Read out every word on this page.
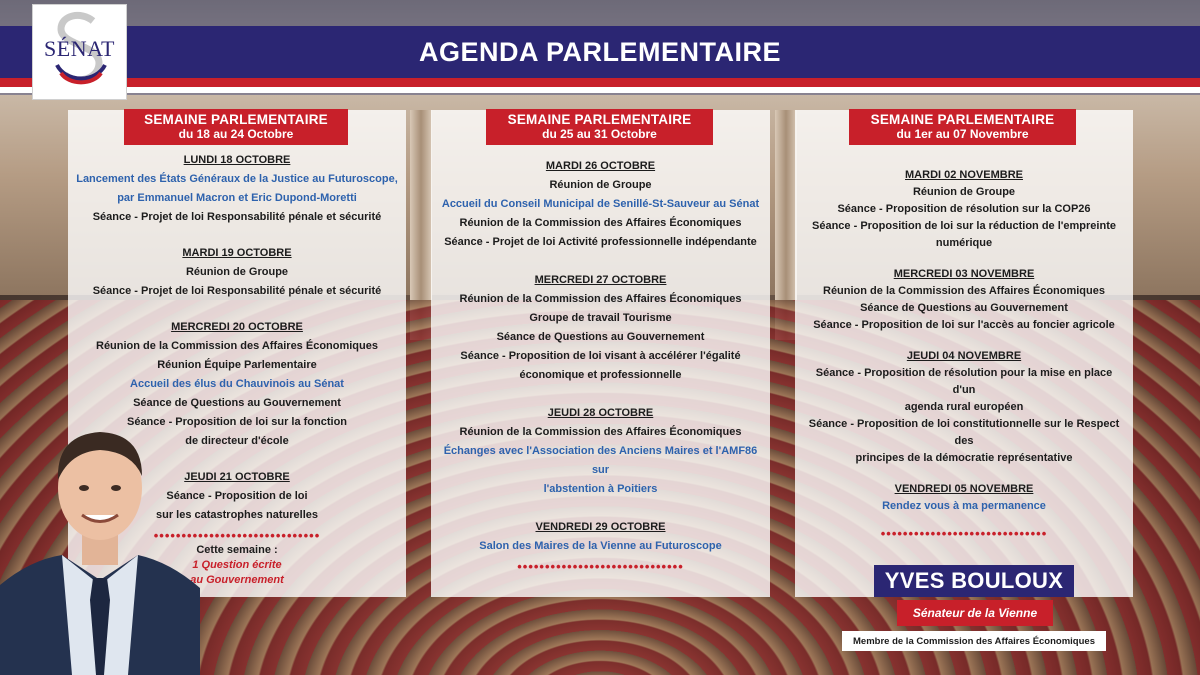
AGENDA PARLEMENTAIRE
SÉNAT
SEMAINE PARLEMENTAIRE
du 18 au 24 Octobre
LUNDI 18 OCTOBRE
Lancement des États Généraux de la Justice au Futuroscope,
par Emmanuel Macron et Eric Dupond-Moretti
Séance - Projet de loi Responsabilité pénale et sécurité
MARDI 19 OCTOBRE
Réunion de Groupe
Séance - Projet de loi Responsabilité pénale et sécurité
MERCREDI 20 OCTOBRE
Réunion de la Commission des Affaires Économiques
Réunion Équipe Parlementaire
Accueil des élus du Chauvinois au Sénat
Séance de Questions au Gouvernement
Séance - Proposition de loi sur la fonction
de directeur d'école
JEUDI 21 OCTOBRE
Séance - Proposition de loi
sur les catastrophes naturelles
••••••••••••••••••••••••••••••
Cette semaine :
1 Question écrite
au Gouvernement
SEMAINE PARLEMENTAIRE
du 25 au 31 Octobre
MARDI 26 OCTOBRE
Réunion de Groupe
Accueil du Conseil Municipal de Senillé-St-Sauveur au Sénat
Réunion de la Commission des Affaires Économiques
Séance - Projet de loi Activité professionnelle indépendante
MERCREDI 27 OCTOBRE
Réunion de la Commission des Affaires Économiques
Groupe de travail Tourisme
Séance de Questions au Gouvernement
Séance - Proposition de loi visant à accélérer l'égalité
économique et professionnelle
JEUDI 28 OCTOBRE
Réunion de la Commission des Affaires Économiques
Échanges avec l'Association des Anciens Maires et l'AMF86 sur
l'abstention à Poitiers
VENDREDI 29 OCTOBRE
Salon des Maires de la Vienne au Futuroscope
••••••••••••••••••••••••••••••
SEMAINE PARLEMENTAIRE
du 1er au 07 Novembre
MARDI 02 NOVEMBRE
Réunion de Groupe
Séance - Proposition de résolution sur la COP26
Séance - Proposition de loi sur la réduction de l'empreinte
numérique
MERCREDI 03 NOVEMBRE
Réunion de la Commission des Affaires Économiques
Séance de Questions au Gouvernement
Séance - Proposition de loi sur l'accès au foncier agricole
JEUDI 04 NOVEMBRE
Séance - Proposition de résolution pour la mise en place d'un
agenda rural européen
Séance - Proposition de loi constitutionnelle sur le Respect des
principes de la démocratie représentative
VENDREDI 05 NOVEMBRE
Rendez vous à ma permanence
••••••••••••••••••••••••••••••
YVES BOULOUX
Sénateur de la Vienne
Membre de la Commission des Affaires Économiques
